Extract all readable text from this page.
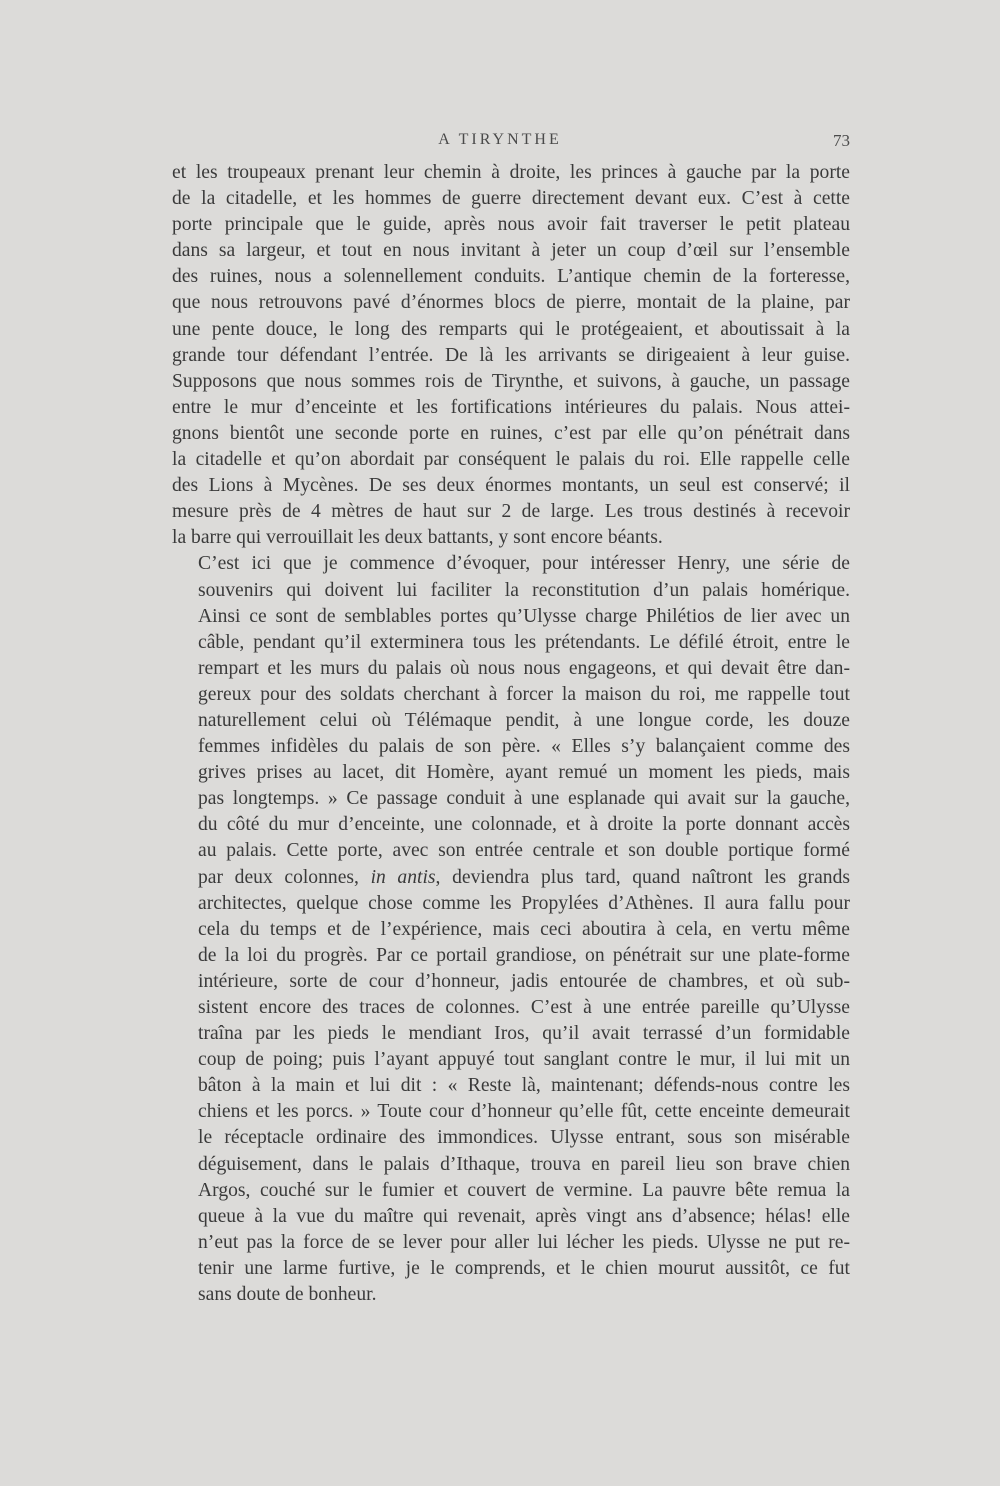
A TIRYNTHE	73

et les troupeaux prenant leur chemin à droite, les princes à gauche par la porte
de la citadelle, et les hommes de guerre directement devant eux. C’est à cette
porte principale que le guide, après nous avoir fait traverser le petit plateau
dans sa largeur, et tout en nous invitant à jeter un coup d’œil sur l’ensemble
des ruines, nous a solennellement conduits. L’antique chemin de la forteresse,
que nous retrouvons pavé d’énormes blocs de pierre, montait de la plaine, par
une pente douce, le long des remparts qui le protégeaient, et aboutissait à la
grande tour défendant l’entrée. De là les arrivants se dirigeaient à leur guise.
Supposons que nous sommes rois de Tirynthe, et suivons, à gauche, un passage
entre le mur d’enceinte et les fortifications intérieures du palais. Nous attei-
gnons bientôt une seconde porte en ruines, c’est par elle qu’on pénétrait dans
la citadelle et qu’on abordait par conséquent le palais du roi. Elle rappelle celle
des Lions à Mycènes. De ses deux énormes montants, un seul est conservé; il
mesure près de 4 mètres de haut sur 2 de large. Les trous destinés à recevoir
la barre qui verrouillait les deux battants, y sont encore béants.

C’est ici que je commence d’évoquer, pour intéresser Henry, une série de
souvenirs qui doivent lui faciliter la reconstitution d’un palais homérique.
Ainsi ce sont de semblables portes qu’Ulysse charge Philétios de lier avec un
câble, pendant qu’il exterminera tous les prétendants. Le défilé étroit, entre le
rempart et les murs du palais où nous nous engageons, et qui devait être dan-
gereux pour des soldats cherchant à forcer la maison du roi, me rappelle tout
naturellement celui où Télémaque pendit, à une longue corde, les douze
femmes infidèles du palais de son père. « Elles s’y balançaient comme des
grives prises au lacet, dit Homère, ayant remué un moment les pieds, mais
pas longtemps. » Ce passage conduit à une esplanade qui avait sur la gauche,
du côté du mur d’enceinte, une colonnade, et à droite la porte donnant accès
au palais. Cette porte, avec son entrée centrale et son double portique formé
par deux colonnes, in antis, deviendra plus tard, quand naîtront les grands
architectes, quelque chose comme les Propylées d’Athènes. Il aura fallu pour
cela du temps et de l’expérience, mais ceci aboutira à cela, en vertu même
de la loi du progrès. Par ce portail grandiose, on pénétrait sur une plate-forme
intérieure, sorte de cour d’honneur, jadis entourée de chambres, et où sub-
sistent encore des traces de colonnes. C’est à une entrée pareille qu’Ulysse
traîna par les pieds le mendiant Iros, qu’il avait terrassé d’un formidable
coup de poing; puis l’ayant appuyé tout sanglant contre le mur, il lui mit un
bâton à la main et lui dit : « Reste là, maintenant; défends-nous contre les
chiens et les porcs. » Toute cour d’honneur qu’elle fût, cette enceinte demeurait
le réceptacle ordinaire des immondices. Ulysse entrant, sous son misérable
déguisement, dans le palais d’Ithaque, trouva en pareil lieu son brave chien
Argos, couché sur le fumier et couvert de vermine. La pauvre bête remua la
queue à la vue du maître qui revenait, après vingt ans d’absence; hélas! elle
n’eut pas la force de se lever pour aller lui lécher les pieds. Ulysse ne put re-
tenir une larme furtive, je le comprends, et le chien mourut aussitôt, ce fut
sans doute de bonheur.
